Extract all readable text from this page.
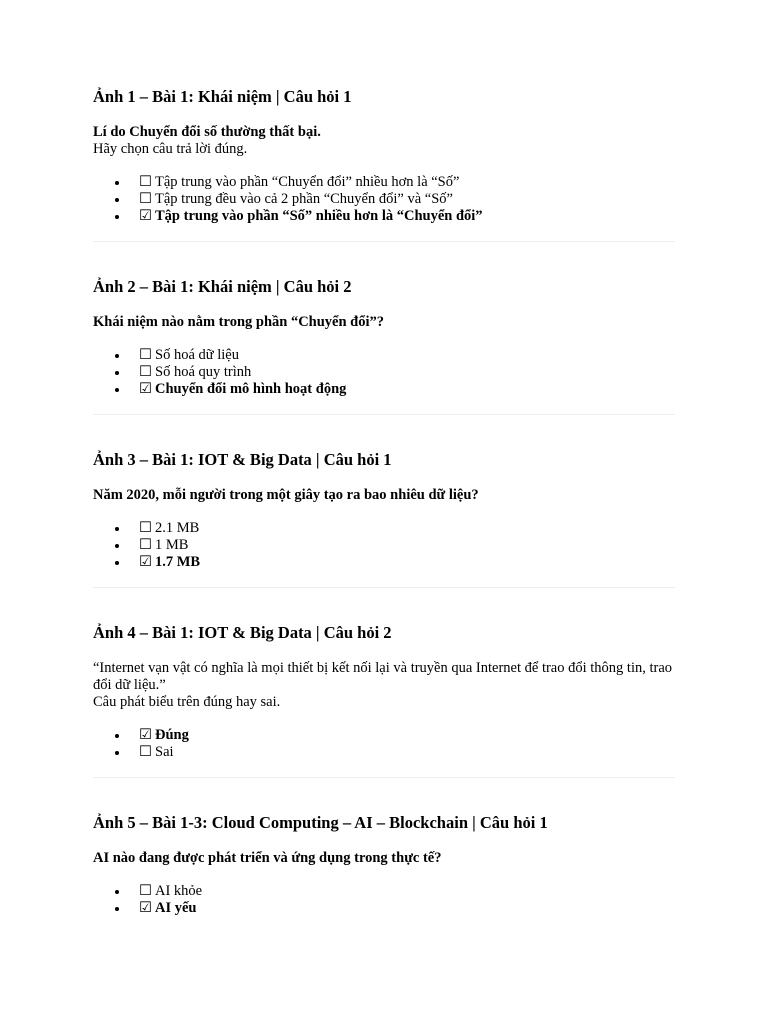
Ảnh 1 – Bài 1: Khái niệm | Câu hỏi 1
Lí do Chuyển đổi số thường thất bại.
Hãy chọn câu trả lời đúng.
☐ Tập trung vào phần “Chuyển đổi” nhiều hơn là “Số”
☐ Tập trung đều vào cả 2 phần “Chuyển đổi” và “Số”
☑ Tập trung vào phần “Số” nhiều hơn là “Chuyển đổi”
Ảnh 2 – Bài 1: Khái niệm | Câu hỏi 2
Khái niệm nào nằm trong phần “Chuyển đổi”?
☐ Số hoá dữ liệu
☐ Số hoá quy trình
☑ Chuyển đổi mô hình hoạt động
Ảnh 3 – Bài 1: IOT & Big Data | Câu hỏi 1
Năm 2020, mỗi người trong một giây tạo ra bao nhiêu dữ liệu?
☐ 2.1 MB
☐ 1 MB
☑ 1.7 MB
Ảnh 4 – Bài 1: IOT & Big Data | Câu hỏi 2
“Internet vạn vật có nghĩa là mọi thiết bị kết nối lại và truyền qua Internet để trao đổi thông tin, trao đổi dữ liệu.”
Câu phát biểu trên đúng hay sai.
☑ Đúng
☐ Sai
Ảnh 5 – Bài 1-3: Cloud Computing – AI – Blockchain | Câu hỏi 1
AI nào đang được phát triển và ứng dụng trong thực tế?
☐ AI khỏe
☑ AI yếu
